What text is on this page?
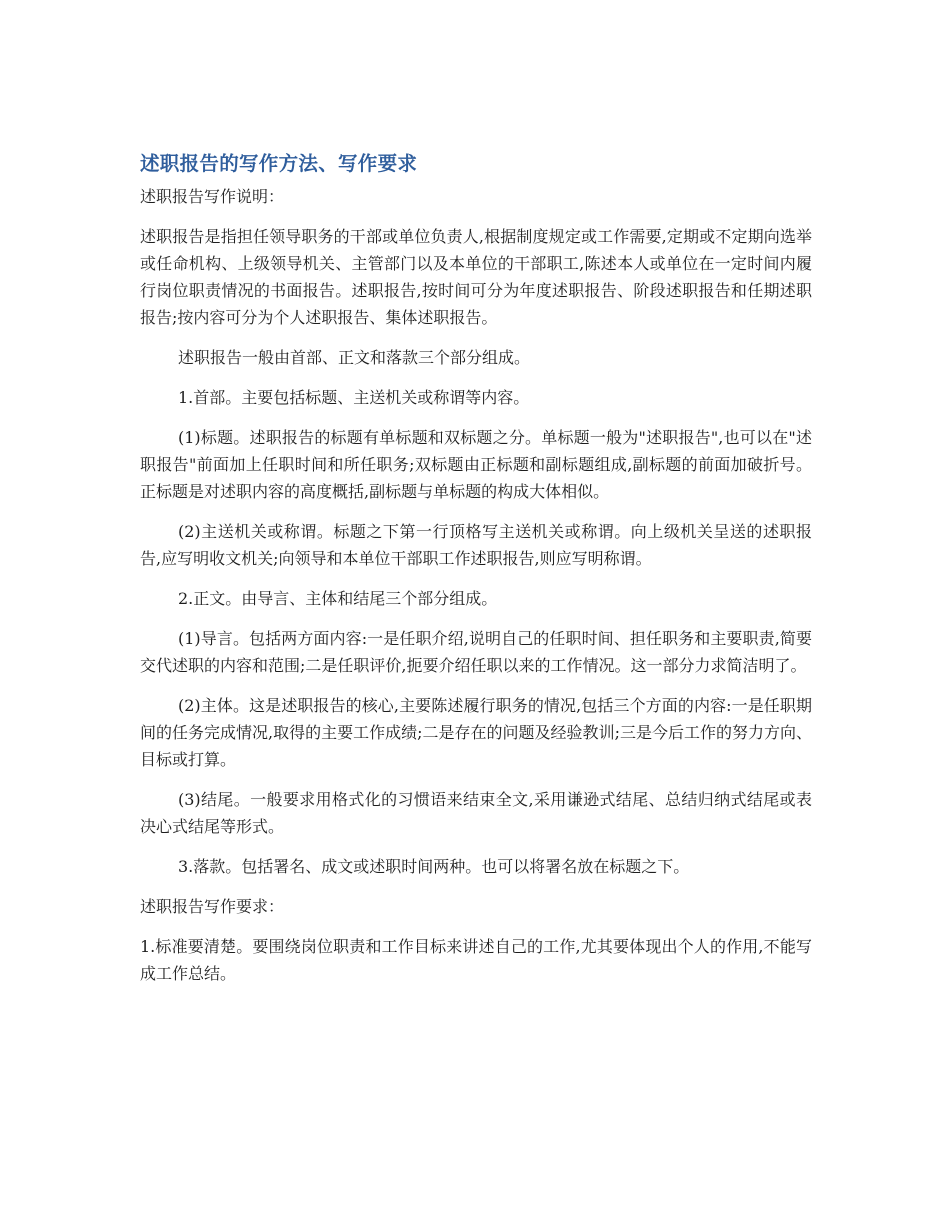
述职报告的写作方法、写作要求

述职报告写作说明：

述职报告是指担任领导职务的干部或单位负责人,根据制度规定或工作需要,定期或不定期向选举或任命机构、上级领导机关、主管部门以及本单位的干部职工,陈述本人或单位在一定时间内履行岗位职责情况的书面报告。述职报告,按时间可分为年度述职报告、阶段述职报告和任期述职报告;按内容可分为个人述职报告、集体述职报告。

述职报告一般由首部、正文和落款三个部分组成。

1.首部。主要包括标题、主送机关或称谓等内容。

(1)标题。述职报告的标题有单标题和双标题之分。单标题一般为"述职报告",也可以在"述职报告"前面加上任职时间和所任职务;双标题由正标题和副标题组成,副标题的前面加破折号。正标题是对述职内容的高度概括,副标题与单标题的构成大体相似。

(2)主送机关或称谓。标题之下第一行顶格写主送机关或称谓。向上级机关呈送的述职报告,应写明收文机关;向领导和本单位干部职工作述职报告,则应写明称谓。

2.正文。由导言、主体和结尾三个部分组成。

(1)导言。包括两方面内容:一是任职介绍,说明自己的任职时间、担任职务和主要职责,简要交代述职的内容和范围;二是任职评价,扼要介绍任职以来的工作情况。这一部分力求简洁明了。

(2)主体。这是述职报告的核心,主要陈述履行职务的情况,包括三个方面的内容:一是任职期间的任务完成情况,取得的主要工作成绩;二是存在的问题及经验教训;三是今后工作的努力方向、目标或打算。

(3)结尾。一般要求用格式化的习惯语来结束全文,采用谦逊式结尾、总结归纳式结尾或表决心式结尾等形式。

3.落款。包括署名、成文或述职时间两种。也可以将署名放在标题之下。

述职报告写作要求：

1.标准要清楚。要围绕岗位职责和工作目标来讲述自己的工作,尤其要体现出个人的作用,不能写成工作总结。
